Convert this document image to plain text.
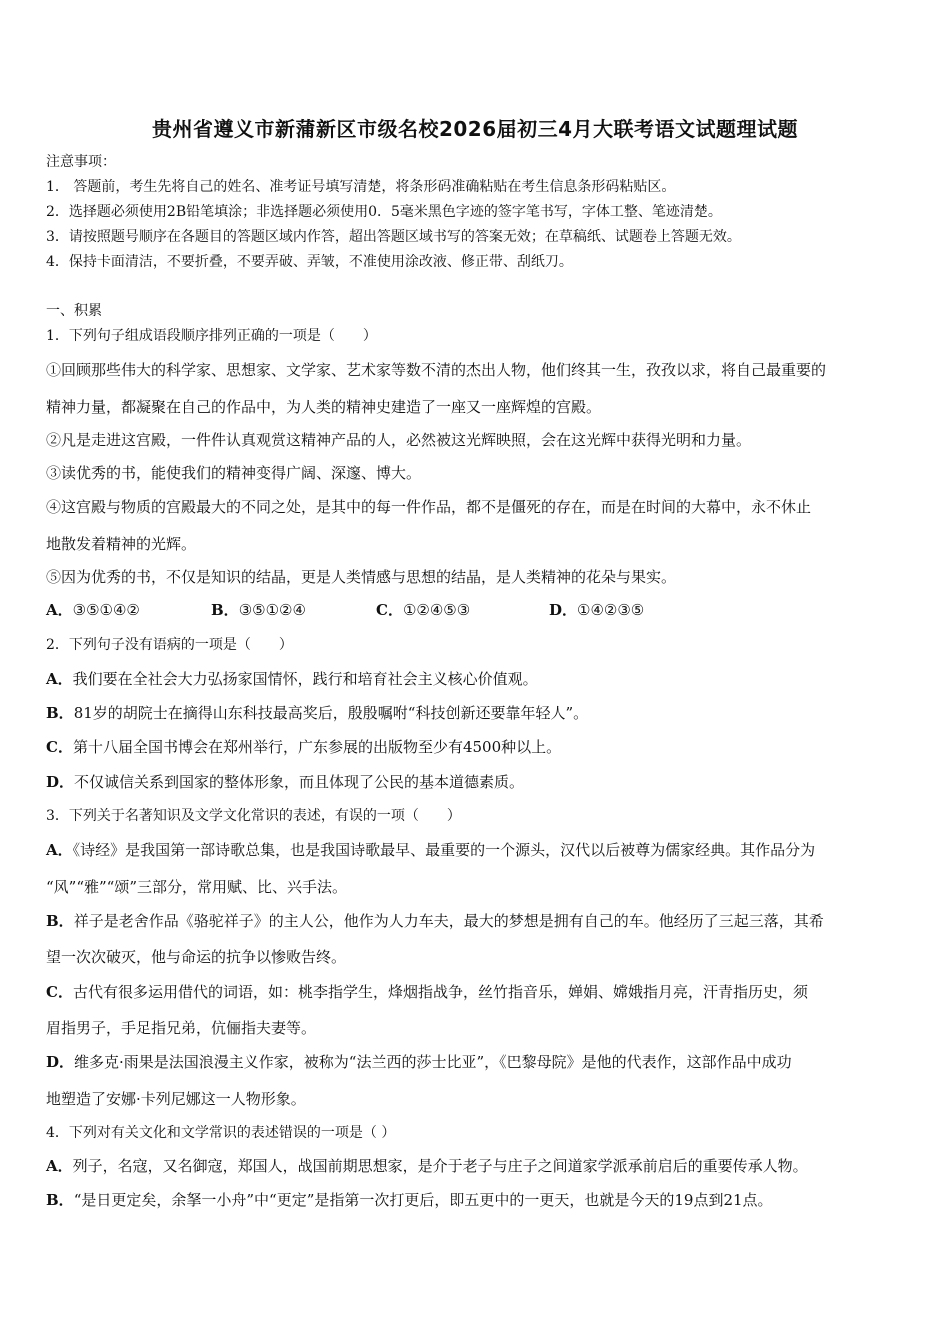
贵州省遵义市新蒲新区市级名校2026届初三4月大联考语文试题理试题
注意事项：
1． 答题前，考生先将自己的姓名、准考证号填写清楚，将条形码准确粘贴在考生信息条形码粘贴区。
2．选择题必须使用2B铅笔填涂；非选择题必须使用0．5毫米黑色字迹的签字笔书写，字体工整、笔迹清楚。
3．请按照题号顺序在各题目的答题区域内作答，超出答题区域书写的答案无效；在草稿纸、试题卷上答题无效。
4．保持卡面清洁，不要折叠，不要弄破、弄皱，不准使用涂改液、修正带、刮纸刀。
一、积累
1．下列句子组成语段顺序排列正确的一项是（　　）
①回顾那些伟大的科学家、思想家、文学家、艺术家等数不清的杰出人物，他们终其一生，孜孜以求，将自己最重要的
精神力量，都凝聚在自己的作品中，为人类的精神史建造了一座又一座辉煌的宫殿。
②凡是走进这宫殿，一件件认真观赏这精神产品的人，必然被这光辉映照，会在这光辉中获得光明和力量。
③读优秀的书，能使我们的精神变得广阔、深邃、博大。
④这宫殿与物质的宫殿最大的不同之处，是其中的每一件作品，都不是僵死的存在，而是在时间的大幕中，永不休止
地散发着精神的光辉。
⑤因为优秀的书，不仅是知识的结晶，更是人类情感与思想的结晶，是人类精神的花朵与果实。
A．③⑤①④②	B．③⑤①②④	C．①②④⑤③	D．①④②③⑤
2．下列句子没有语病的一项是（　　）
A．我们要在全社会大力弘扬家国情怀，践行和培育社会主义核心价值观。
B．81岁的胡院士在摘得山东科技最高奖后，殷殷嘱咐“科技创新还要靠年轻人”。
C．第十八届全国书博会在郑州举行，广东参展的出版物至少有4500种以上。
D．不仅诚信关系到国家的整体形象，而且体现了公民的基本道德素质。
3．下列关于名著知识及文学文化常识的表述，有误的一项（　　）
A．《诗经》是我国第一部诗歌总集，也是我国诗歌最早、最重要的一个源头，汉代以后被尊为儒家经典。其作品分为
“风”“雅”“颂”三部分，常用赋、比、兴手法。
B．祥子是老舍作品《骆驼祥子》的主人公，他作为人力车夫，最大的梦想是拥有自己的车。他经历了三起三落，其希
望一次次破灭，他与命运的抗争以惨败告终。
C．古代有很多运用借代的词语，如：桃李指学生，烽烟指战争，丝竹指音乐，婵娟、嫦娥指月亮，汗青指历史，须
眉指男子，手足指兄弟，伉俪指夫妻等。
D．维多克·雨果是法国浪漫主义作家，被称为“法兰西的莎士比亚”，《巴黎母院》是他的代表作，这部作品中成功
地塑造了安娜·卡列尼娜这一人物形象。
4．下列对有关文化和文学常识的表述错误的一项是（ ）
A．列子，名寇，又名御寇，郑国人，战国前期思想家，是介于老子与庄子之间道家学派承前启后的重要传承人物。
B．“是日更定矣，余拏一小舟”中“更定”是指第一次打更后，即五更中的一更天，也就是今天的19点到21点。
